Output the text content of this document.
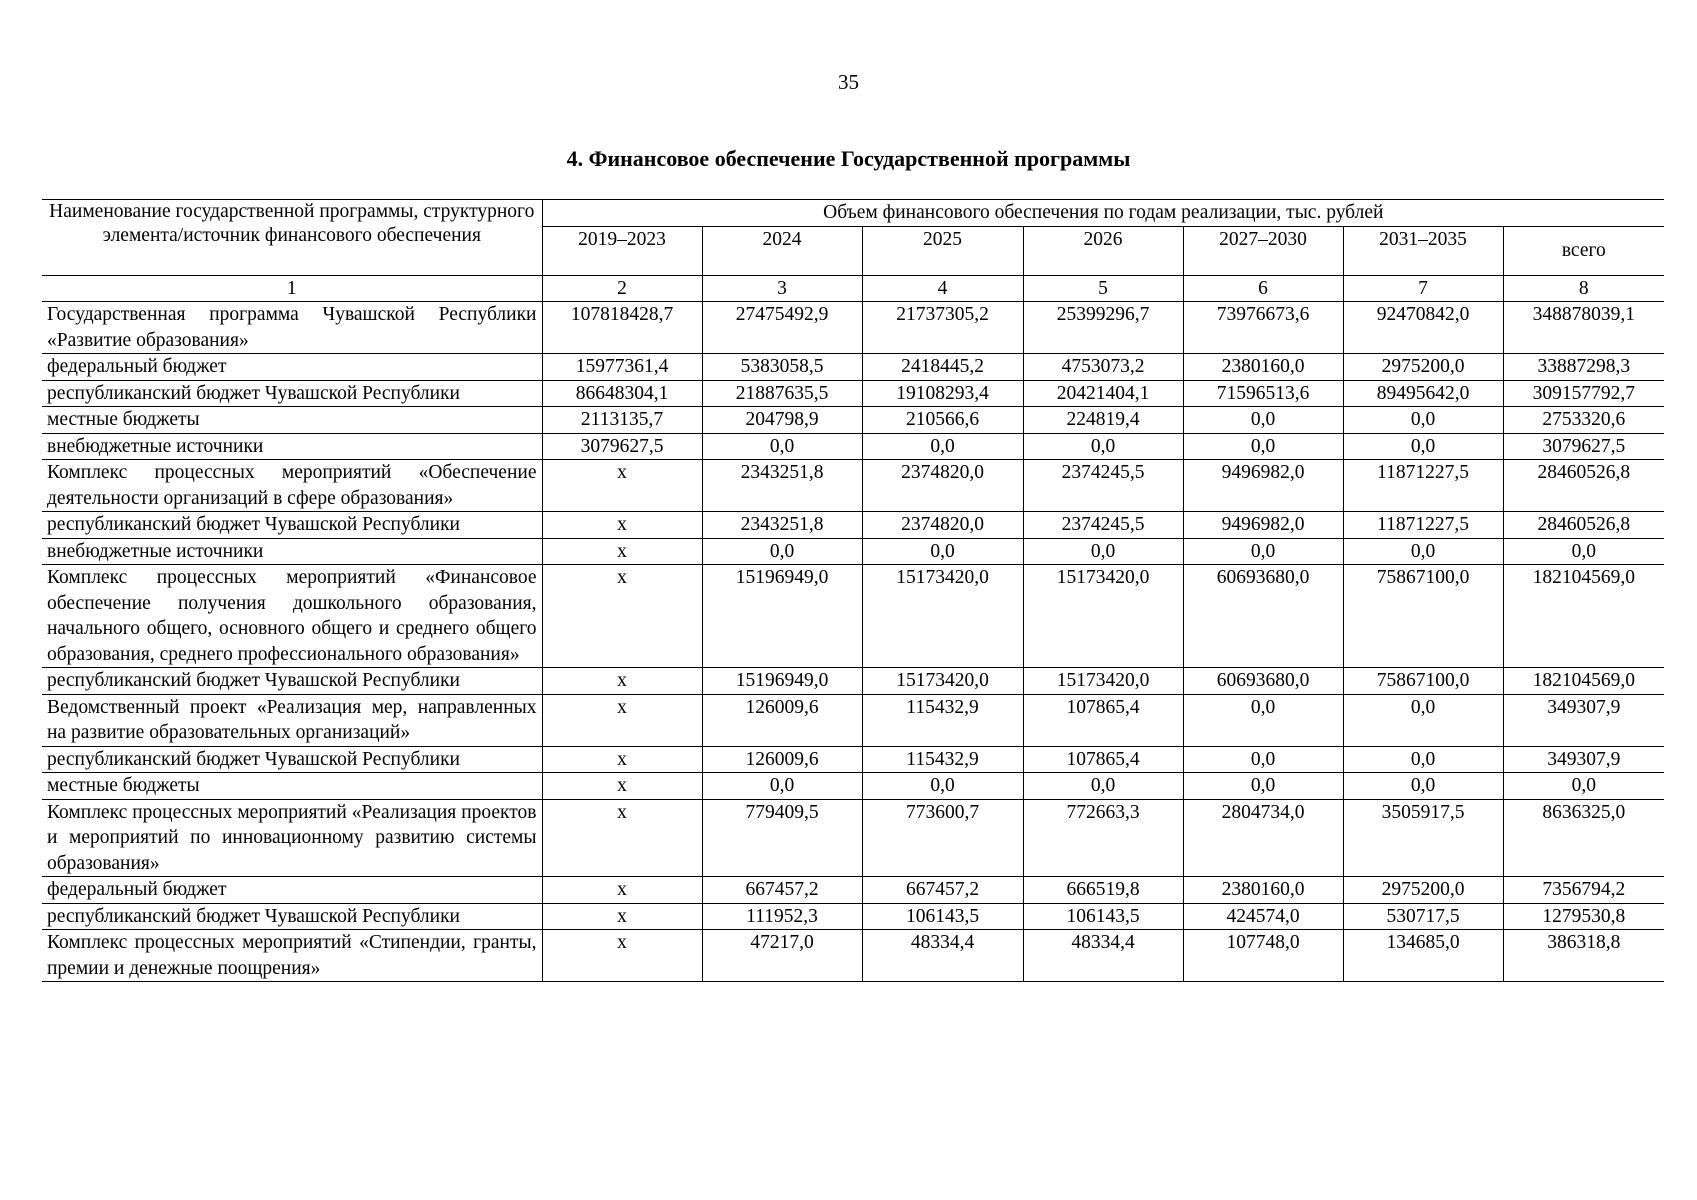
35
4. Финансовое обеспечение Государственной программы
Наименование государственной программы, структурного элемента/источник финансового обеспечения	Объем финансового обеспечения по годам реализации, тыс. рублей						
	2019–2023	2024	2025	2026	2027–2030	2031–2035	всего
1	2	3	4	5	6	7	8
Государственная программа Чувашской Республики «Развитие образования»	107818428,7	27475492,9	21737305,2	25399296,7	73976673,6	92470842,0	348878039,1
федеральный бюджет	15977361,4	5383058,5	2418445,2	4753073,2	2380160,0	2975200,0	33887298,3
республиканский бюджет Чувашской Республики	86648304,1	21887635,5	19108293,4	20421404,1	71596513,6	89495642,0	309157792,7
местные бюджеты	2113135,7	204798,9	210566,6	224819,4	0,0	0,0	2753320,6
внебюджетные источники	3079627,5	0,0	0,0	0,0	0,0	0,0	3079627,5
Комплекс процессных мероприятий «Обеспечение деятельности организаций в сфере образования»	x	2343251,8	2374820,0	2374245,5	9496982,0	11871227,5	28460526,8
республиканский бюджет Чувашской Республики	x	2343251,8	2374820,0	2374245,5	9496982,0	11871227,5	28460526,8
внебюджетные источники	x	0,0	0,0	0,0	0,0	0,0	0,0
Комплекс процессных мероприятий «Финансовое обеспечение получения дошкольного образования, начального общего, основного общего и среднего общего образования, среднего профессионального образования»	x	15196949,0	15173420,0	15173420,0	60693680,0	75867100,0	182104569,0
республиканский бюджет Чувашской Республики	x	15196949,0	15173420,0	15173420,0	60693680,0	75867100,0	182104569,0
Ведомственный проект «Реализация мер, направленных на развитие образовательных организаций»	x	126009,6	115432,9	107865,4	0,0	0,0	349307,9
республиканский бюджет Чувашской Республики	x	126009,6	115432,9	107865,4	0,0	0,0	349307,9
местные бюджеты	x	0,0	0,0	0,0	0,0	0,0	0,0
Комплекс процессных мероприятий «Реализация проектов и мероприятий по инновационному развитию системы образования»	x	779409,5	773600,7	772663,3	2804734,0	3505917,5	8636325,0
федеральный бюджет	x	667457,2	667457,2	666519,8	2380160,0	2975200,0	7356794,2
республиканский бюджет Чувашской Республики	x	111952,3	106143,5	106143,5	424574,0	530717,5	1279530,8
Комплекс процессных мероприятий «Стипендии, гранты, премии и денежные поощрения»	x	47217,0	48334,4	48334,4	107748,0	134685,0	386318,8
